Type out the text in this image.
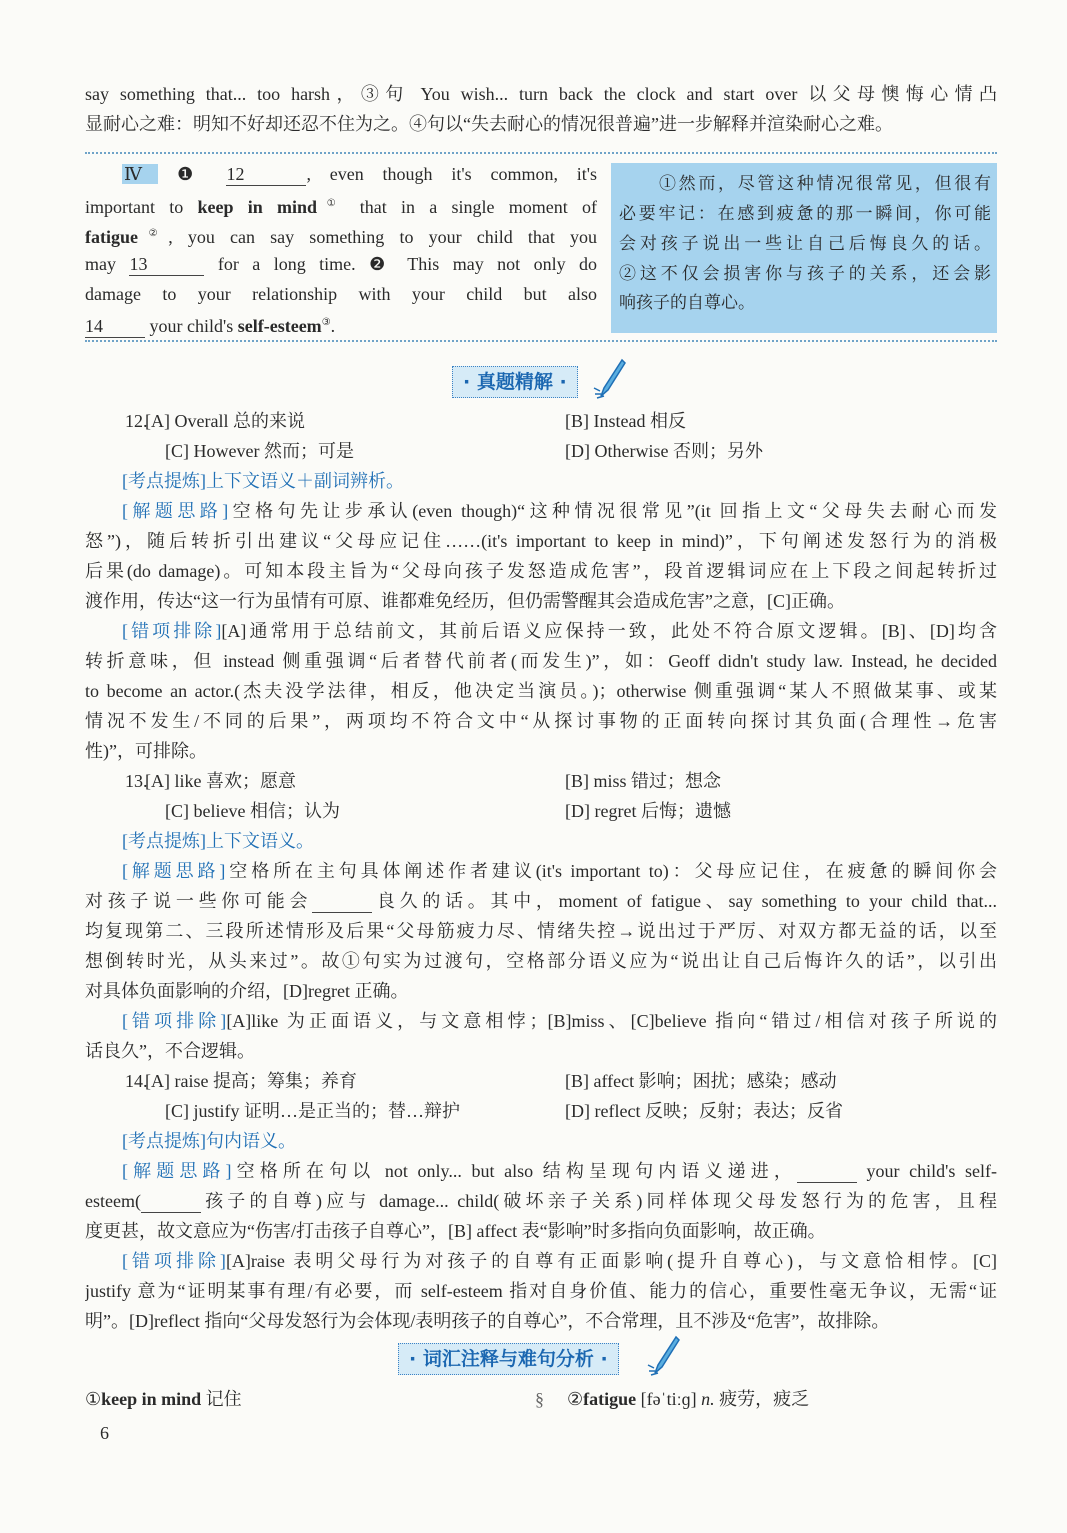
say something that... too harsh，③句 You wish... turn back the clock and start over 以父母懊悔心情凸
显耐心之难：明知不好却还忍不住为之。④句以“失去耐心的情况很普遍”进一步解释并渲染耐心之难。
Ⅳ ❶ 12	, even though it's common, it's
important to keep in mind① that in a single moment of
fatigue②, you can say something to your child that you
may 13	for a long time. ❷ This may not only do
damage to your relationship with your child but also
14	your child's self-esteem③.
①然而，尽管这种情况很常见，但很有
必要牢记：在感到疲惫的那一瞬间，你可能
会对孩子说出一些让自己后悔良久的话。
②这不仅会损害你与孩子的关系，还会影
响孩子的自尊心。
· 真题精解 ·
12.
[A] Overall 总的来说	[B] Instead 相反
[C] However 然而；可是	[D] Otherwise 否则；另外
[考点提炼]上下文语义＋副词辨析。
[解题思路]空格句先让步承认(even though)“这种情况很常见”(it 回指上文“父母失去耐心而发
怒”)，随后转折引出建议“父母应记住……(it's important to keep in mind)”，下句阐述发怒行为的消极
后果(do damage)。可知本段主旨为“父母向孩子发怒造成危害”，段首逻辑词应在上下段之间起转折过
渡作用，传达“这一行为虽情有可原、谁都难免经历，但仍需警醒其会造成危害”之意，[C]正确。
[错项排除][A]通常用于总结前文，其前后语义应保持一致，此处不符合原文逻辑。[B]、[D]均含
转折意味，但 instead 侧重强调“后者替代前者(而发生)”，如：Geoff didn't study law. Instead, he decided
to become an actor.(杰夫没学法律，相反，他决定当演员。)；otherwise 侧重强调“某人不照做某事、或某
情况不发生/不同的后果”，两项均不符合文中“从探讨事物的正面转向探讨其负面(合理性→危害
性)”，可排除。
13.
[A] like 喜欢；愿意	[B] miss 错过；想念
[C] believe 相信；认为	[D] regret 后悔；遗憾
[考点提炼]上下文语义。
[解题思路]空格所在主句具体阐述作者建议(it's important to)：父母应记住，在疲惫的瞬间你会
对孩子说一些你可能会	良久的话。其中，moment of fatigue、say something to your child that...
均复现第二、三段所述情形及后果“父母筋疲力尽、情绪失控→说出过于严厉、对双方都无益的话，以至
想倒转时光，从头来过”。故①句实为过渡句，空格部分语义应为“说出让自己后悔许久的话”，以引出
对具体负面影响的介绍，[D]regret 正确。
[错项排除][A]like 为正面语义，与文意相悖；[B]miss、[C]believe 指向“错过/相信对孩子所说的
话良久”，不合逻辑。
14.
[A] raise 提高；筹集；养育	[B] affect 影响；困扰；感染；感动
[C] justify 证明…是正当的；替…辩护	[D] reflect 反映；反射；表达；反省
[考点提炼]句内语义。
[解题思路]空格所在句以 not only... but also 结构呈现句内语义递进，	your child's self-
esteem(	孩子的自尊)应与 damage... child(破坏亲子关系)同样体现父母发怒行为的危害，且程
度更甚，故文意应为“伤害/打击孩子自尊心”，[B] affect 表“影响”时多指向负面影响，故正确。
[错项排除][A]raise 表明父母行为对孩子的自尊有正面影响(提升自尊心)，与文意恰相悖。[C]
justify 意为“证明某事有理/有必要，而 self-esteem 指对自身价值、能力的信心，重要性毫无争议，无需“证
明”。[D]reflect 指向“父母发怒行为会体现/表明孩子的自尊心”，不合常理，且不涉及“危害”，故排除。
· 词汇注释与难句分析 ·
①keep in mind 记住	§ ②fatigue [fəˈtiːɡ] n. 疲劳，疲乏
6
